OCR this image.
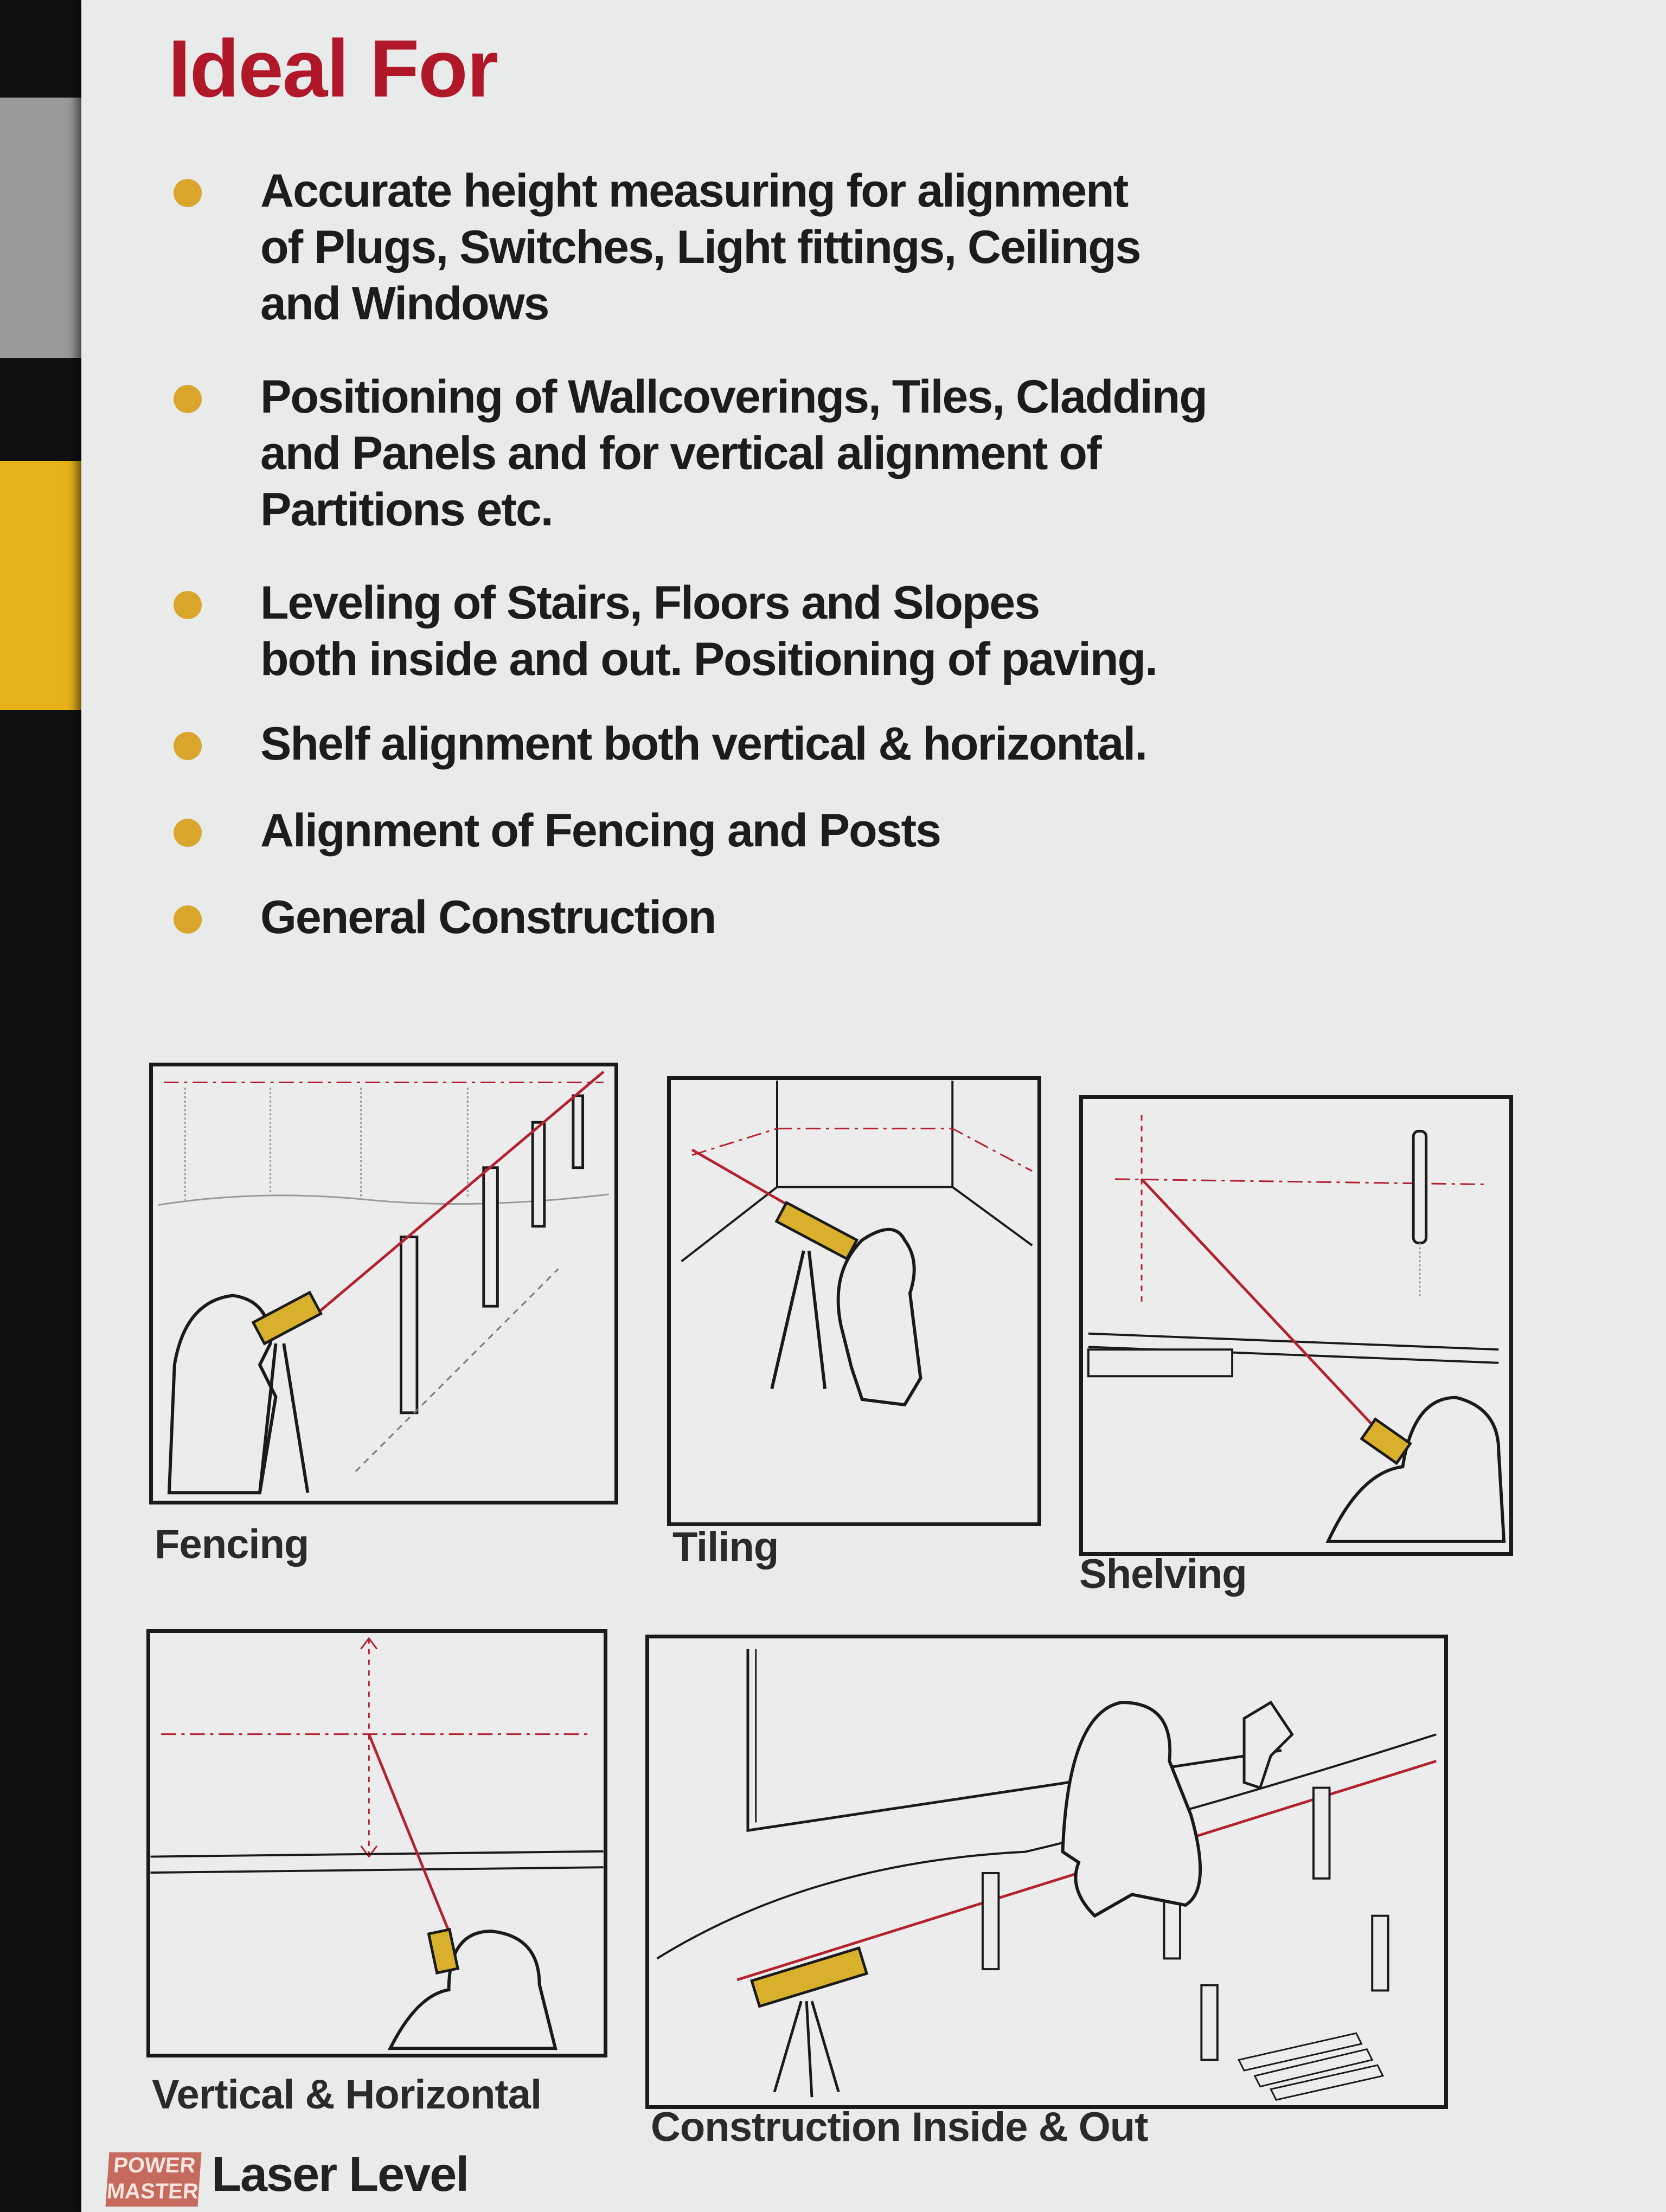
Ideal For
Accurate height measuring for alignment
of Plugs, Switches, Light fittings, Ceilings
and Windows
Positioning of Wallcoverings, Tiles, Cladding
and Panels and for vertical alignment of
Partitions etc.
Leveling of Stairs, Floors and Slopes
both inside and out. Positioning of paving.
Shelf alignment both vertical & horizontal.
Alignment of Fencing and Posts
General Construction
Fencing	Tiling
Shelving
Vertical & Horizontal
Construction Inside & Out
POWER
MASTER Laser Level
